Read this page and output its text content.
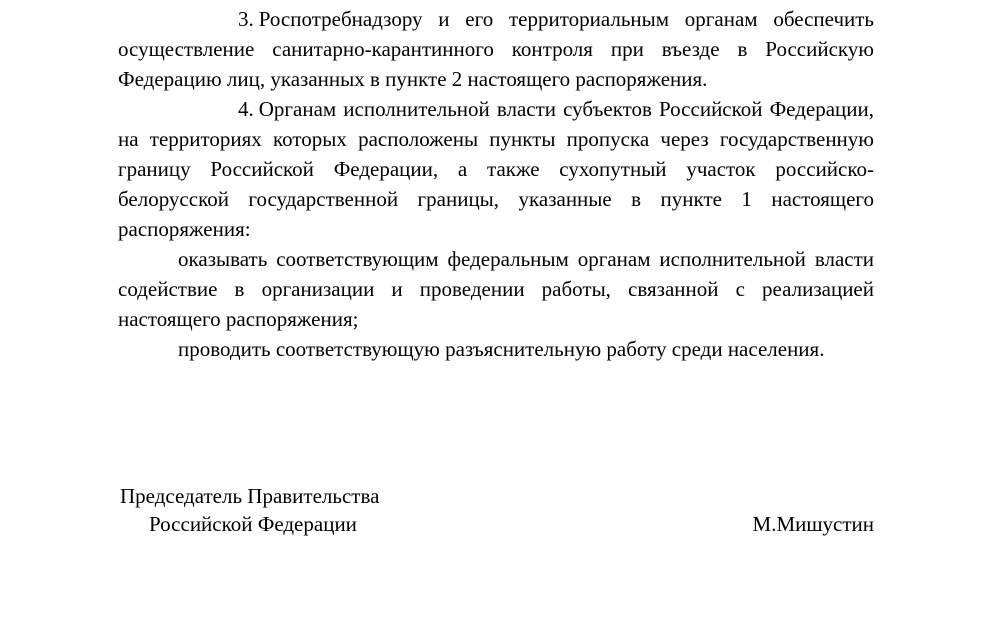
3. Роспотребнадзору и его территориальным органам обеспечить осуществление санитарно-карантинного контроля при въезде в Российскую Федерацию лиц, указанных в пункте 2 настоящего распоряжения.

4. Органам исполнительной власти субъектов Российской Федерации, на территориях которых расположены пункты пропуска через государственную границу Российской Федерации, а также сухопутный участок российско-белорусской государственной границы, указанные в пункте 1 настоящего распоряжения:

оказывать соответствующим федеральным органам исполнительной власти содействие в организации и проведении работы, связанной с реализацией настоящего распоряжения;

проводить соответствующую разъяснительную работу среди населения.

Председатель Правительства
Российской Федерации	М.Мишустин
